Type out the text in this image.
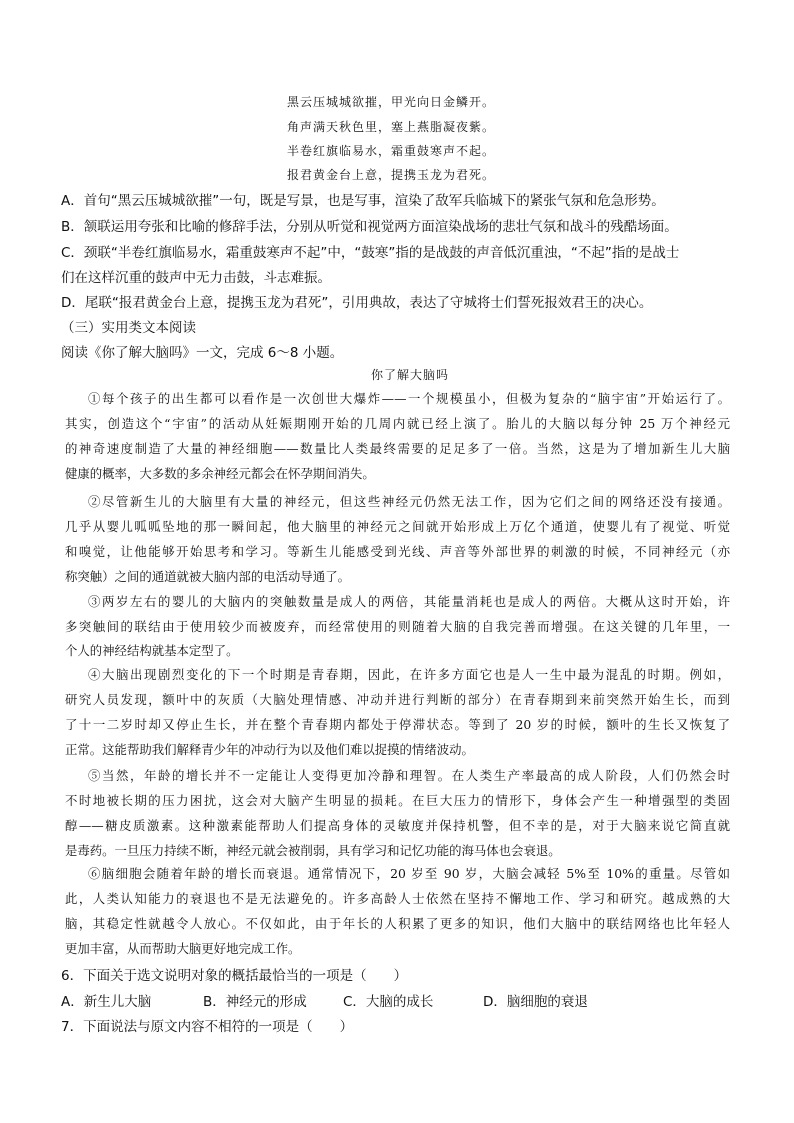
黑云压城城欲摧，甲光向日金鳞开。
角声满天秋色里，塞上燕脂凝夜紫。
半卷红旗临易水，霜重鼓寒声不起。
报君黄金台上意，提携玉龙为君死。
A．首句“黑云压城城欲摧”一句，既是写景，也是写事，渲染了敌军兵临城下的紧张气氛和危急形势。
B．颔联运用夸张和比喻的修辞手法，分别从听觉和视觉两方面渲染战场的悲壮气氛和战斗的残酷场面。
C．颈联“半卷红旗临易水，霜重鼓寒声不起”中，“鼓寒”指的是战鼓的声音低沉重浊，“不起”指的是战士
们在这样沉重的鼓声中无力击鼓，斗志难振。
D．尾联“报君黄金台上意，提携玉龙为君死”，引用典故，表达了守城将士们誓死报效君王的决心。
（三）实用类文本阅读
阅读《你了解大脑吗》一文，完成 6～8 小题。
你了解大脑吗
①每个孩子的出生都可以看作是一次创世大爆炸——一个规模虽小，但极为复杂的“脑宇宙”开始运行了。
其实，创造这个“宇宙”的活动从妊娠期刚开始的几周内就已经上演了。胎儿的大脑以每分钟 25 万个神经元
的神奇速度制造了大量的神经细胞——数量比人类最终需要的足足多了一倍。当然，这是为了增加新生儿大脑
健康的概率，大多数的多余神经元都会在怀孕期间消失。
②尽管新生儿的大脑里有大量的神经元，但这些神经元仍然无法工作，因为它们之间的网络还没有接通。
几乎从婴儿呱呱坠地的那一瞬间起，他大脑里的神经元之间就开始形成上万亿个通道，使婴儿有了视觉、听觉
和嗅觉，让他能够开始思考和学习。等新生儿能感受到光线、声音等外部世界的刺激的时候，不同神经元（亦
称突触）之间的通道就被大脑内部的电活动导通了。
③两岁左右的婴儿的大脑内的突触数量是成人的两倍，其能量消耗也是成人的两倍。大概从这时开始，许
多突触间的联结由于使用较少而被废弃，而经常使用的则随着大脑的自我完善而增强。在这关键的几年里，一
个人的神经结构就基本定型了。
④大脑出现剧烈变化的下一个时期是青春期，因此，在许多方面它也是人一生中最为混乱的时期。例如，
研究人员发现，额叶中的灰质（大脑处理情感、冲动并进行判断的部分）在青春期到来前突然开始生长，而到
了十一二岁时却又停止生长，并在整个青春期内都处于停滞状态。等到了 20 岁的时候，额叶的生长又恢复了
正常。这能帮助我们解释青少年的冲动行为以及他们难以捉摸的情绪波动。
⑤当然，年龄的增长并不一定能让人变得更加冷静和理智。在人类生产率最高的成人阶段，人们仍然会时
不时地被长期的压力困扰，这会对大脑产生明显的损耗。在巨大压力的情形下，身体会产生一种增强型的类固
醇——糖皮质激素。这种激素能帮助人们提高身体的灵敏度并保持机警，但不幸的是，对于大脑来说它简直就
是毒药。一旦压力持续不断，神经元就会被削弱，具有学习和记忆功能的海马体也会衰退。
⑥脑细胞会随着年龄的增长而衰退。通常情况下，20 岁至 90 岁，大脑会减轻 5%至 10%的重量。尽管如
此，人类认知能力的衰退也不是无法避免的。许多高龄人士依然在坚持不懈地工作、学习和研究。越成熟的大
脑，其稳定性就越令人放心。不仅如此，由于年长的人积累了更多的知识，他们大脑中的联结网络也比年轻人
更加丰富，从而帮助大脑更好地完成工作。
6．下面关于选文说明对象的概括最恰当的一项是（　　）
A．新生儿大脑	B．神经元的形成	C．大脑的成长	D．脑细胞的衰退
7．下面说法与原文内容不相符的一项是（　　）
